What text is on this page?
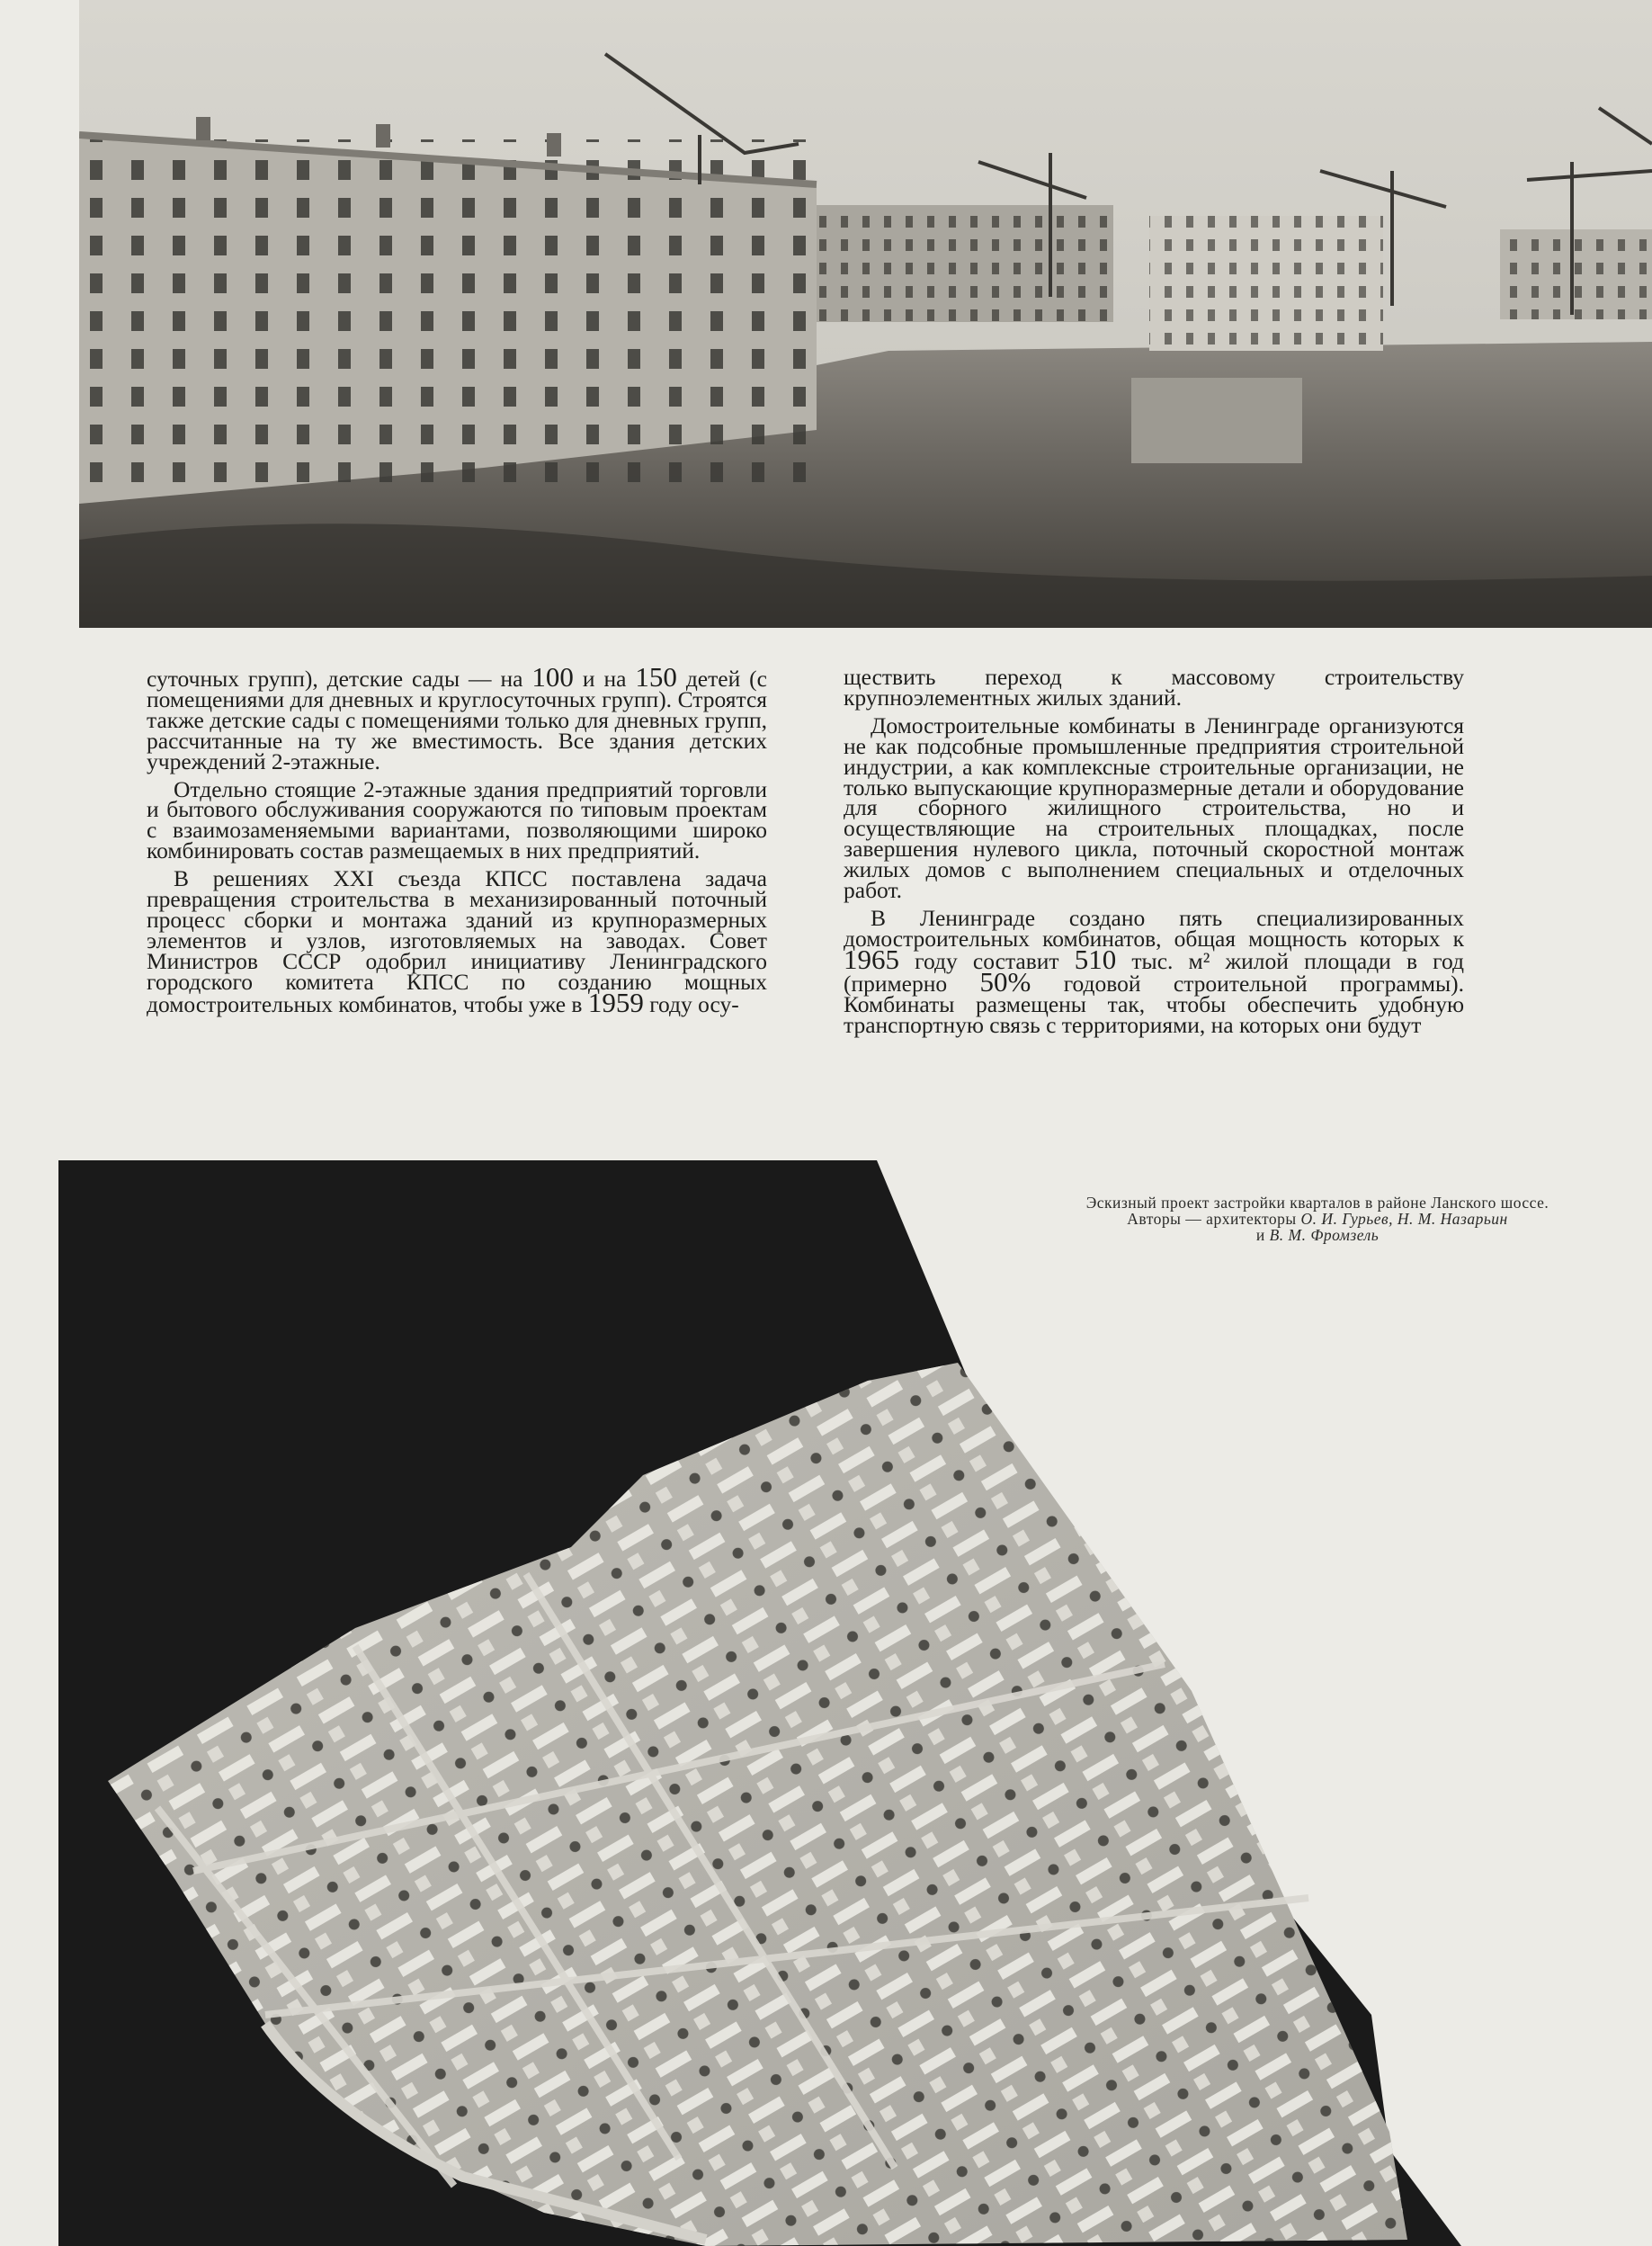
суточных групп), детские сады — на 100 и на 150 детей (с помещениями для дневных и круглосуточных групп). Строятся также детские сады с помещениями только для дневных групп, рассчитанные на ту же вместимость. Все здания детских учреждений 2-этажные.

Отдельно стоящие 2-этажные здания предприятий торговли и бытового обслуживания сооружаются по типовым проектам с взаимозаменяемыми вариантами, позволяющими широко комбинировать состав размещаемых в них предприятий.

В решениях XXI съезда КПСС поставлена задача превращения строительства в механизированный поточный процесс сборки и монтажа зданий из крупноразмерных элементов и узлов, изготовляемых на заводах. Совет Министров СССР одобрил инициативу Ленинградского городского комитета КПСС по созданию мощных домостроительных комбинатов, чтобы уже в 1959 году осу-

ществить переход к массовому строительству крупноэлементных жилых зданий.

Домостроительные комбинаты в Ленинграде организуются не как подсобные промышленные предприятия строительной индустрии, а как комплексные строительные организации, не только выпускающие крупноразмерные детали и оборудование для сборного жилищного строительства, но и осуществляющие на строительных площадках, после завершения нулевого цикла, поточный скоростной монтаж жилых домов с выполнением специальных и отделочных работ.

В Ленинграде создано пять специализированных домостроительных комбинатов, общая мощность которых к 1965 году составит 510 тыс. м² жилой площади в год (примерно 50% годовой строительной программы). Комбинаты размещены так, чтобы обеспечить удобную транспортную связь с территориями, на которых они будут

Эскизный проект застройки кварталов в районе Ланского шоссе.
Авторы — архитекторы О. И. Гурьев, Н. М. Назарьин
и В. М. Фромзель
